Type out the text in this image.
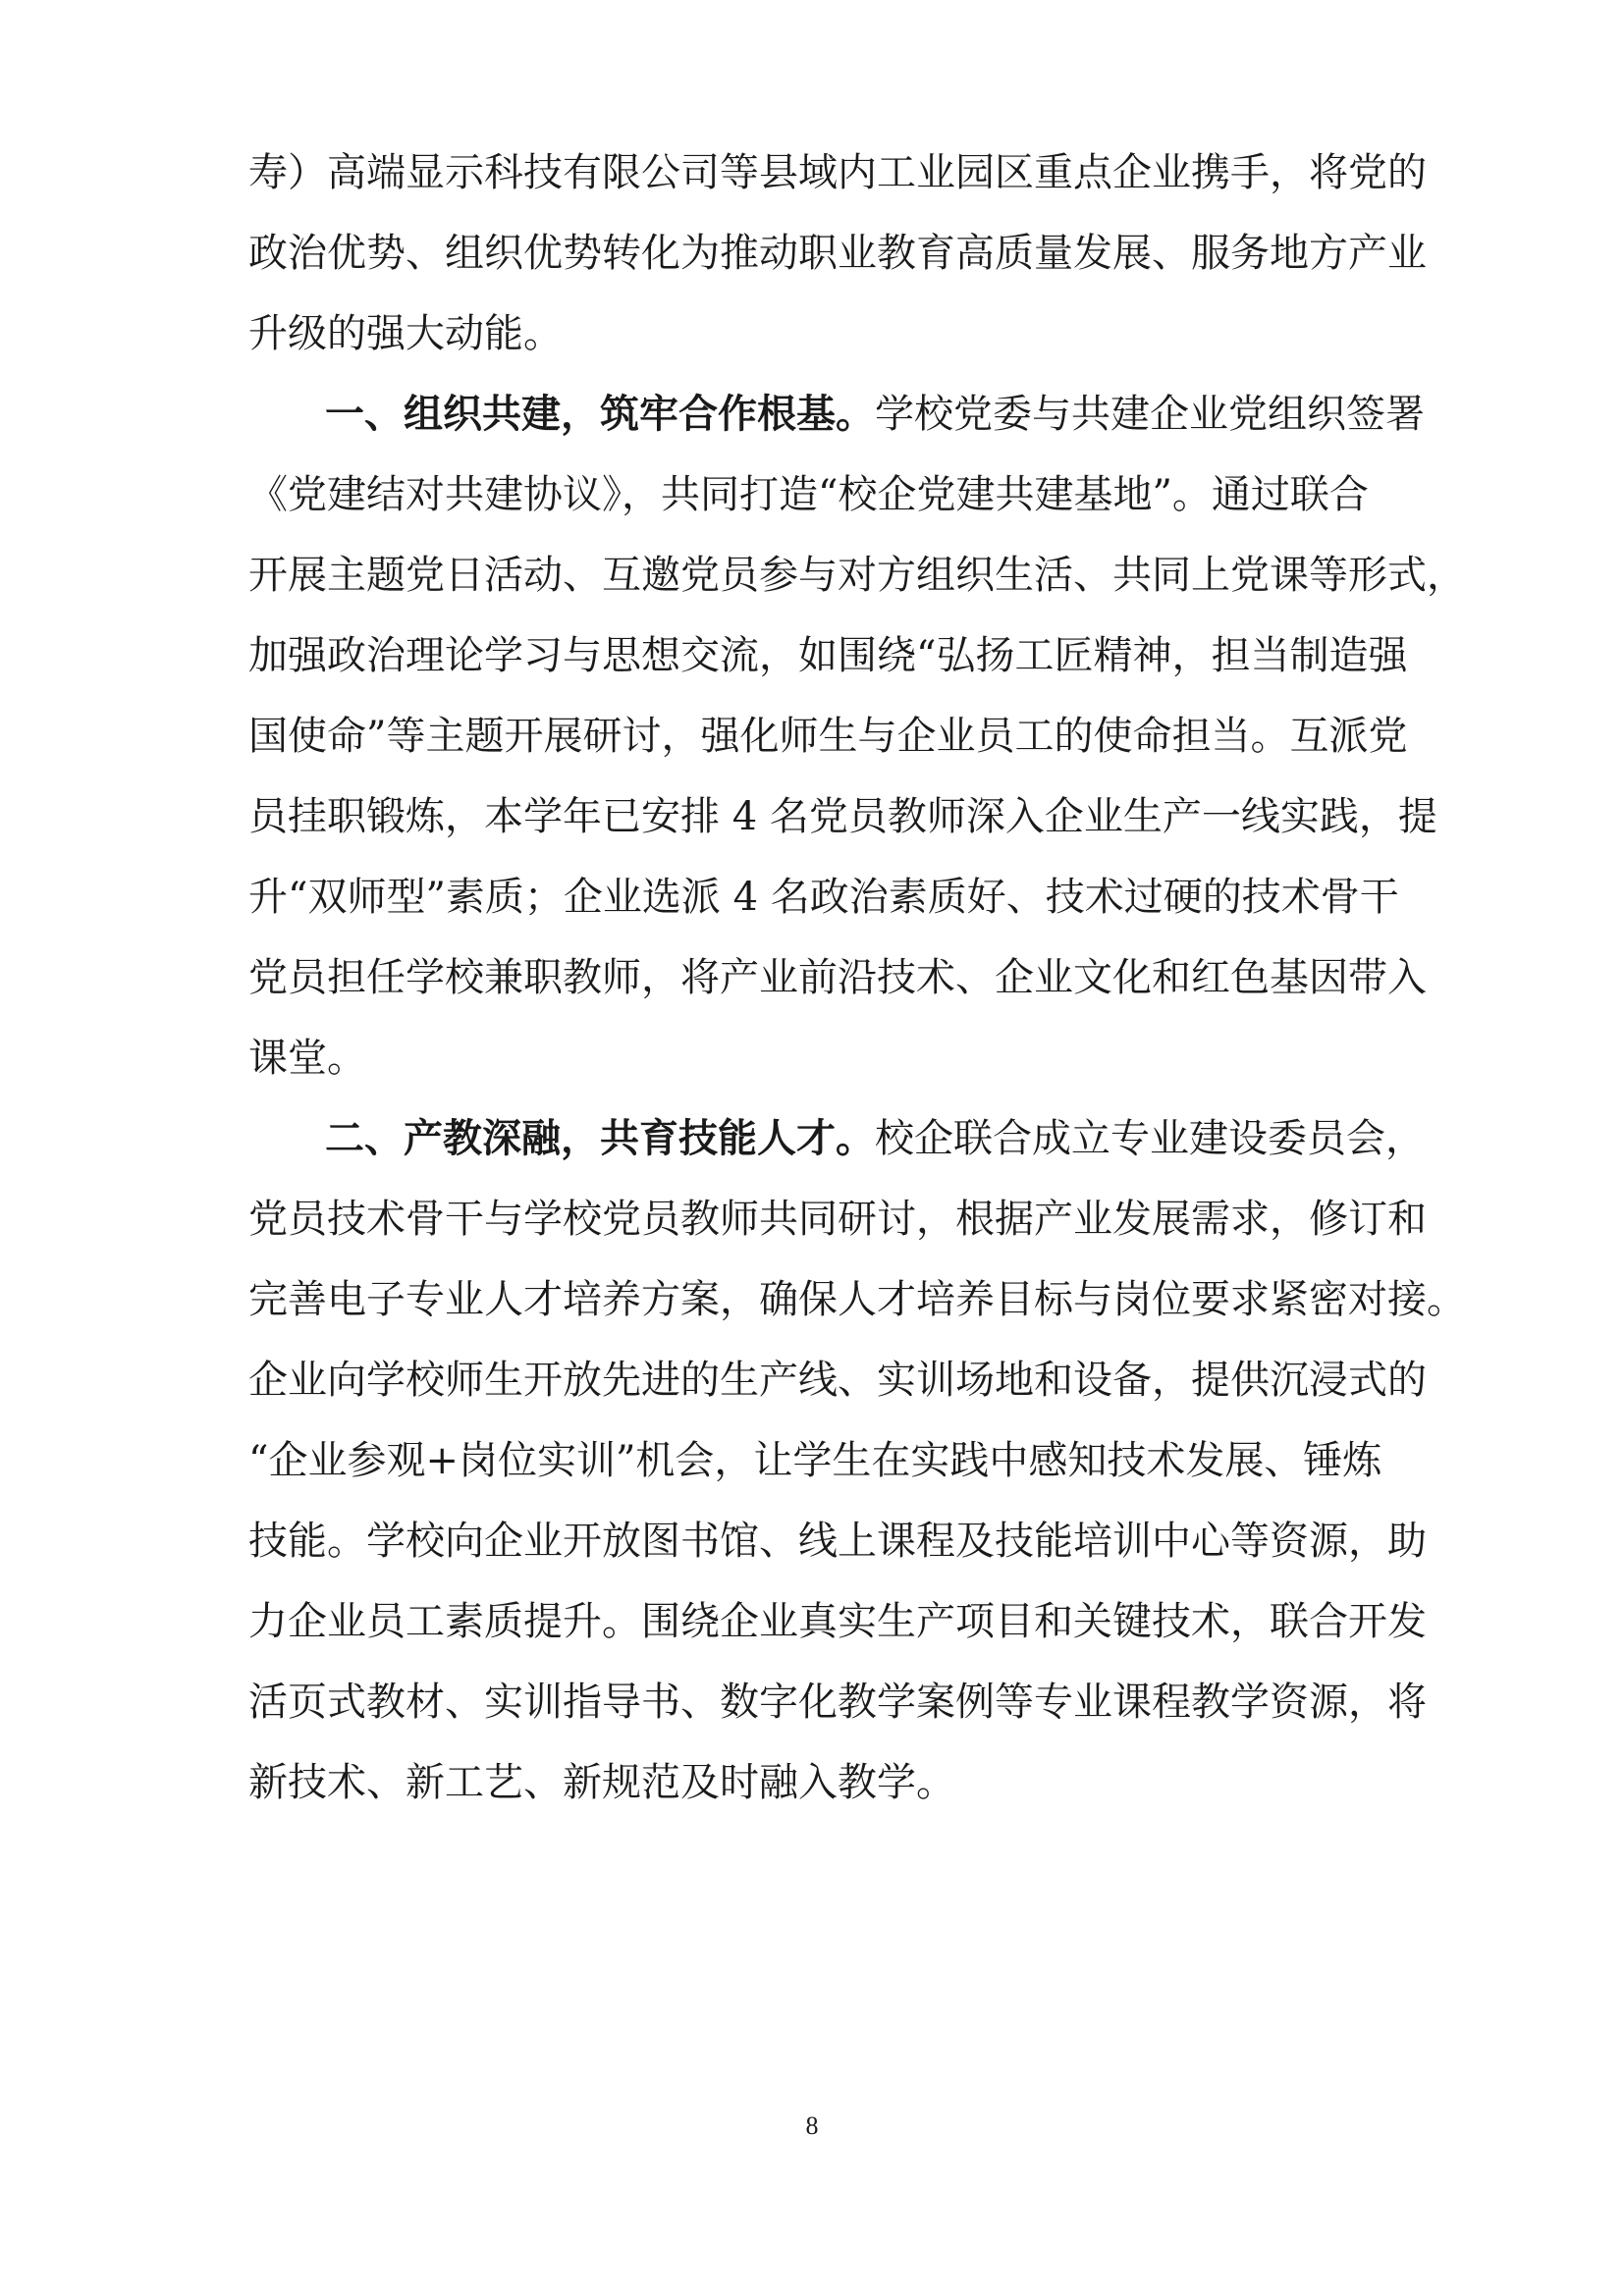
寿）高端显示科技有限公司等县域内工业园区重点企业携手，将党的
政治优势、组织优势转化为推动职业教育高质量发展、服务地方产业
升级的强大动能。
一、组织共建，筑牢合作根基。学校党委与共建企业党组织签署
《党建结对共建协议》，共同打造“校企党建共建基地”。通过联合
开展主题党日活动、互邀党员参与对方组织生活、共同上党课等形式，
加强政治理论学习与思想交流，如围绕“弘扬工匠精神，担当制造强
国使命”等主题开展研讨，强化师生与企业员工的使命担当。互派党
员挂职锻炼，本学年已安排 4 名党员教师深入企业生产一线实践，提
升“双师型”素质；企业选派 4 名政治素质好、技术过硬的技术骨干
党员担任学校兼职教师，将产业前沿技术、企业文化和红色基因带入
课堂。
二、产教深融，共育技能人才。校企联合成立专业建设委员会，
党员技术骨干与学校党员教师共同研讨，根据产业发展需求，修订和
完善电子专业人才培养方案，确保人才培养目标与岗位要求紧密对接。
企业向学校师生开放先进的生产线、实训场地和设备，提供沉浸式的
“企业参观+岗位实训”机会，让学生在实践中感知技术发展、锤炼
技能。学校向企业开放图书馆、线上课程及技能培训中心等资源，助
力企业员工素质提升。围绕企业真实生产项目和关键技术，联合开发
活页式教材、实训指导书、数字化教学案例等专业课程教学资源，将
新技术、新工艺、新规范及时融入教学。
8
